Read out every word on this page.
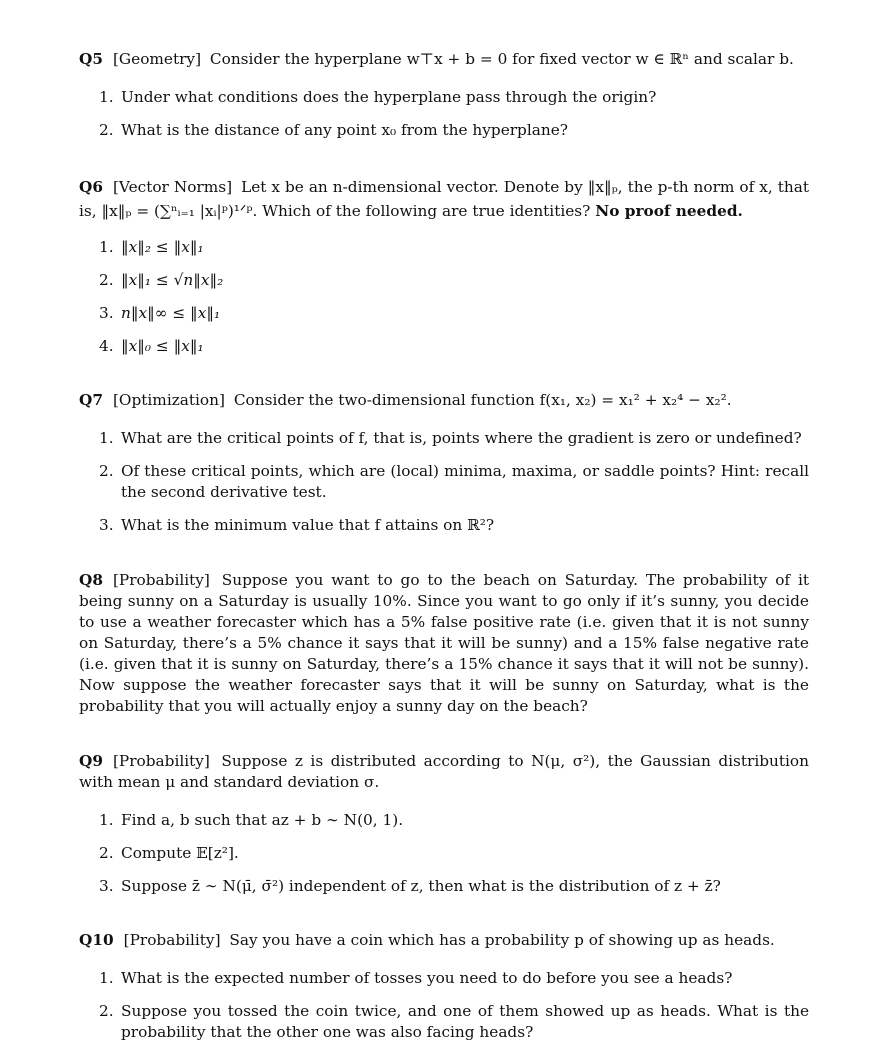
Q5 [Geometry] Consider the hyperplane w⊤x + b = 0 for fixed vector w ∈ ℝⁿ and scalar b.

1. Under what conditions does the hyperplane pass through the origin?
2. What is the distance of any point x₀ from the hyperplane?

Q6 [Vector Norms] Let x be an n-dimensional vector. Denote by ‖x‖ₚ, the p-th norm of x, that is, ‖x‖ₚ = (∑ⁿᵢ₌₁ |xᵢ|ᵖ)¹ᐟᵖ. Which of the following are true identities? No proof needed.

1. ‖x‖₂ ≤ ‖x‖₁
2. ‖x‖₁ ≤ √n‖x‖₂
3. n‖x‖∞ ≤ ‖x‖₁
4. ‖x‖₀ ≤ ‖x‖₁

Q7 [Optimization] Consider the two-dimensional function f(x₁, x₂) = x₁² + x₂⁴ − x₂².

1. What are the critical points of f, that is, points where the gradient is zero or undefined?
2. Of these critical points, which are (local) minima, maxima, or saddle points? Hint: recall the second derivative test.
3. What is the minimum value that f attains on ℝ²?

Q8 [Probability] Suppose you want to go to the beach on Saturday. The probability of it being sunny on a Saturday is usually 10%. Since you want to go only if it’s sunny, you decide to use a weather forecaster which has a 5% false positive rate (i.e. given that it is not sunny on Saturday, there’s a 5% chance it says that it will be sunny) and a 15% false negative rate (i.e. given that it is sunny on Saturday, there’s a 15% chance it says that it will not be sunny). Now suppose the weather forecaster says that it will be sunny on Saturday, what is the probability that you will actually enjoy a sunny day on the beach?

Q9 [Probability] Suppose z is distributed according to N(μ, σ²), the Gaussian distribution with mean μ and standard deviation σ.

1. Find a, b such that az + b ∼ N(0, 1).
2. Compute 𝔼[z²].
3. Suppose z̄ ∼ N(μ̄, σ̄²) independent of z, then what is the distribution of z + z̄?

Q10 [Probability] Say you have a coin which has a probability p of showing up as heads.

1. What is the expected number of tosses you need to do before you see a heads?
2. Suppose you tossed the coin twice, and one of them showed up as heads. What is the probability that the other one was also facing heads?
